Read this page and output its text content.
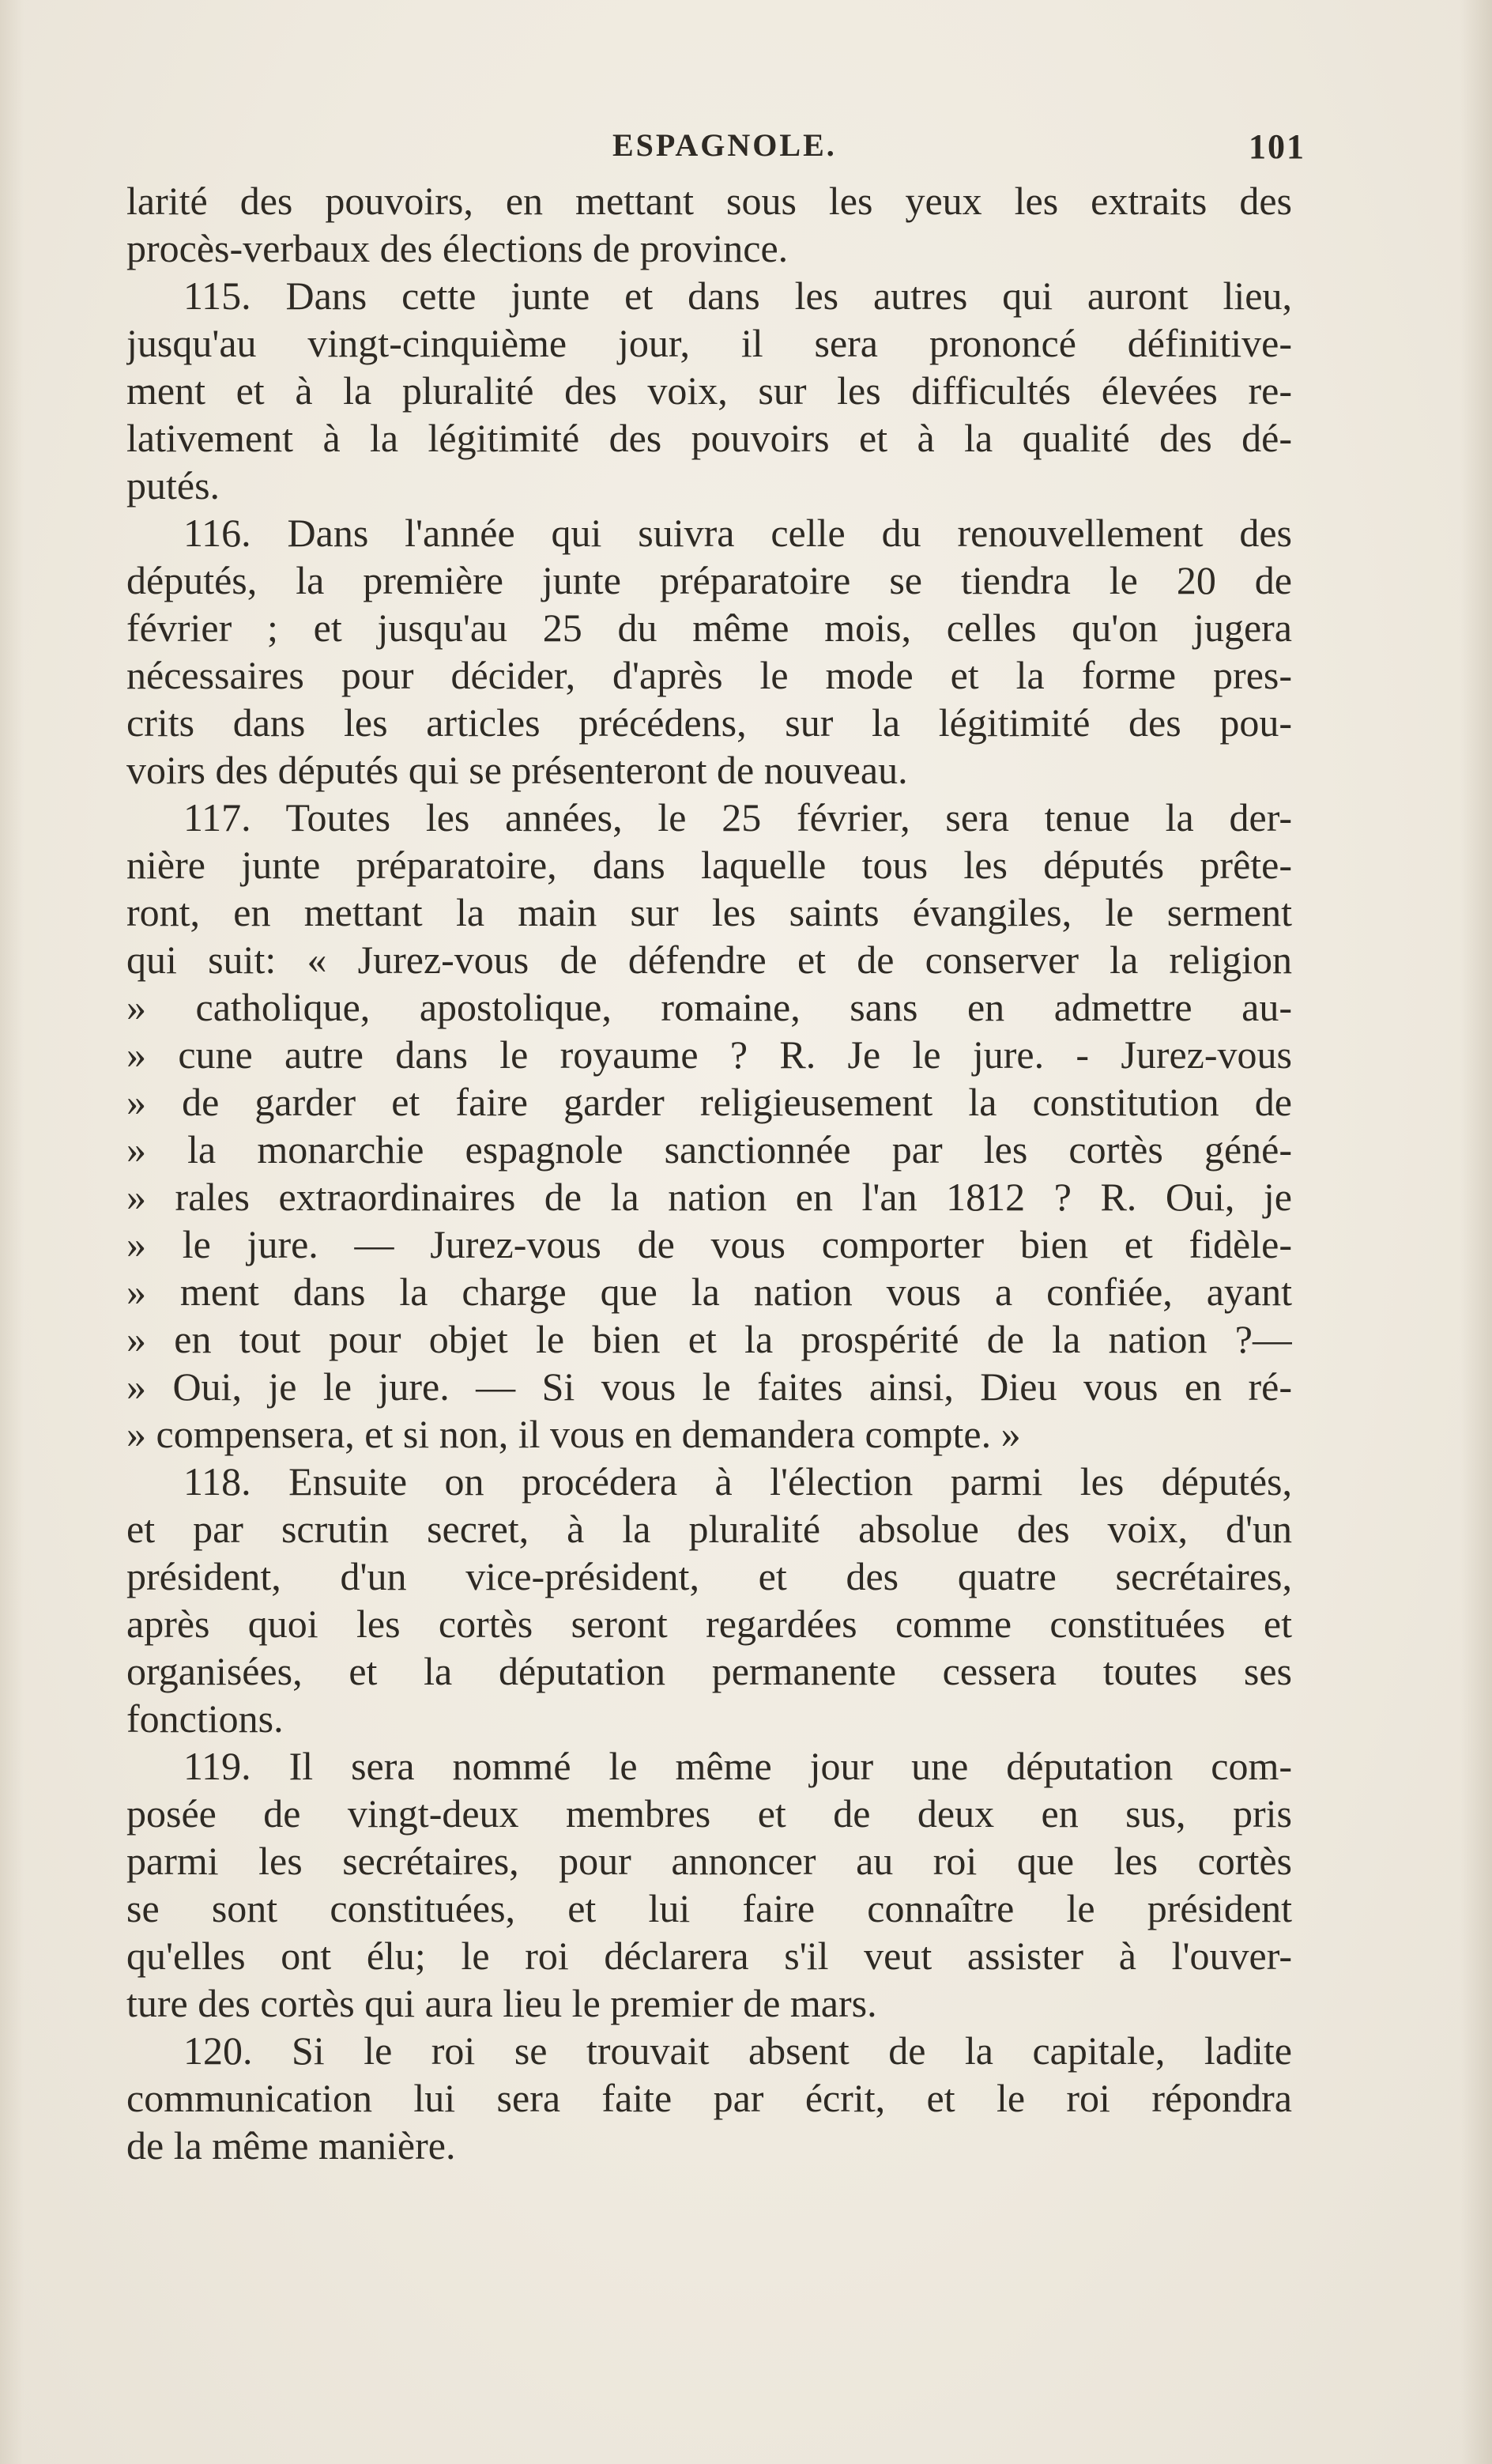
ESPAGNOLE.	101
larité des pouvoirs, en mettant sous les yeux les extraits des
procès-verbaux des élections de province.
115. Dans cette junte et dans les autres qui auront lieu,
jusqu'au vingt-cinquième jour, il sera prononcé définitive-
ment et à la pluralité des voix, sur les difficultés élevées re-
lativement à la légitimité des pouvoirs et à la qualité des dé-
putés.
116. Dans l'année qui suivra celle du renouvellement des
députés, la première junte préparatoire se tiendra le 20 de
février ; et jusqu'au 25 du même mois, celles qu'on jugera
nécessaires pour décider, d'après le mode et la forme pres-
crits dans les articles précédens, sur la légitimité des pou-
voirs des députés qui se présenteront de nouveau.
117. Toutes les années, le 25 février, sera tenue la der-
nière junte préparatoire, dans laquelle tous les députés prête-
ront, en mettant la main sur les saints évangiles, le serment
qui suit: « Jurez-vous de défendre et de conserver la religion
» catholique, apostolique, romaine, sans en admettre au-
» cune autre dans le royaume ? R. Je le jure. - Jurez-vous
» de garder et faire garder religieusement la constitution de
» la monarchie espagnole sanctionnée par les cortès géné-
» rales extraordinaires de la nation en l'an 1812 ? R. Oui, je
» le jure. — Jurez-vous de vous comporter bien et fidèle-
» ment dans la charge que la nation vous a confiée, ayant
» en tout pour objet le bien et la prospérité de la nation ?—
» Oui, je le jure. — Si vous le faites ainsi, Dieu vous en ré-
» compensera, et si non, il vous en demandera compte. »
118. Ensuite on procédera à l'élection parmi les députés,
et par scrutin secret, à la pluralité absolue des voix, d'un
président, d'un vice-président, et des quatre secrétaires,
après quoi les cortès seront regardées comme constituées et
organisées, et la députation permanente cessera toutes ses
fonctions.
119. Il sera nommé le même jour une députation com-
posée de vingt-deux membres et de deux en sus, pris
parmi les secrétaires, pour annoncer au roi que les cortès
se sont constituées, et lui faire connaître le président
qu'elles ont élu; le roi déclarera s'il veut assister à l'ouver-
ture des cortès qui aura lieu le premier de mars.
120. Si le roi se trouvait absent de la capitale, ladite
communication lui sera faite par écrit, et le roi répondra
de la même manière.
